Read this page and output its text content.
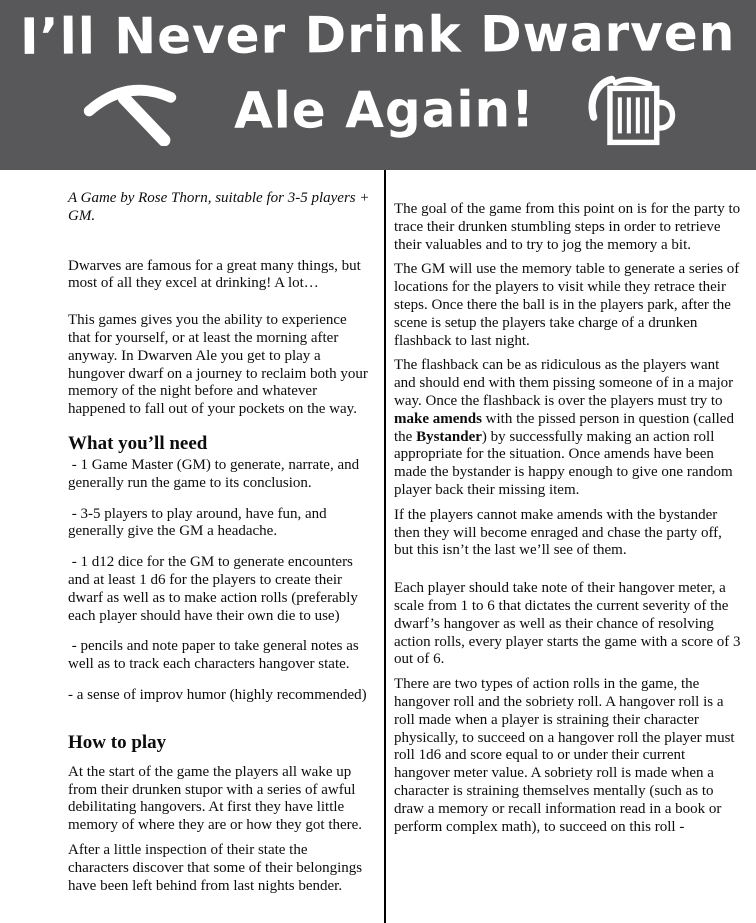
I’ll Never Drink Dwarven
Ale Again!

A Game by Rose Thorn, suitable for 3-5 players + GM.

Dwarves are famous for a great many things, but most of all they excel at drinking! A lot…

This games gives you the ability to experience that for yourself, or at least the morning after anyway. In Dwarven Ale you get to play a hungover dwarf on a journey to reclaim both your memory of the night before and whatever happened to fall out of your pockets on the way.

What you’ll need
- 1 Game Master (GM) to generate, narrate, and generally run the game to its conclusion.
- 3-5 players to play around, have fun, and generally give the GM a headache.
- 1 d12 dice for the GM to generate encounters and at least 1 d6 for the players to create their dwarf as well as to make action rolls (preferably each player should have their own die to use)
- pencils and note paper to take general notes as well as to track each characters hangover state.
- a sense of improv humor (highly recommended)
How to play

At the start of the game the players all wake up from their drunken stupor with a series of awful debilitating hangovers. At first they have little memory of where they are or how they got there.

After a little inspection of their state the characters discover that some of their belongings have been left behind from last nights bender.

The goal of the game from this point on is for the party to trace their drunken stumbling steps in order to retrieve their valuables and to try to jog the memory a bit.

The GM will use the memory table to generate a series of locations for the players to visit while they retrace their steps. Once there the ball is in the players park, after the scene is setup the players take charge of a drunken flashback to last night.

The flashback can be as ridiculous as the players want and should end with them pissing someone of in a major way. Once the flashback is over the players must try to make amends with the pissed person in question (called the Bystander) by successfully making an action roll appropriate for the situation. Once amends have been made the bystander is happy enough to give one random player back their missing item.

If the players cannot make amends with the bystander then they will become enraged and chase the party off, but this isn’t the last we’ll see of them.

Each player should take note of their hangover meter, a scale from 1 to 6 that dictates the current severity of the dwarf’s hangover as well as their chance of resolving action rolls, every player starts the game with a score of 3 out of 6.

There are two types of action rolls in the game, the hangover roll and the sobriety roll. A hangover roll is a roll made when a player is straining their character physically, to succeed on a hangover roll the player must roll 1d6 and score equal to or under their current hangover meter value. A sobriety roll is made when a character is straining themselves mentally (such as to draw a memory or recall information read in a book or perform complex math), to succeed on this roll -
